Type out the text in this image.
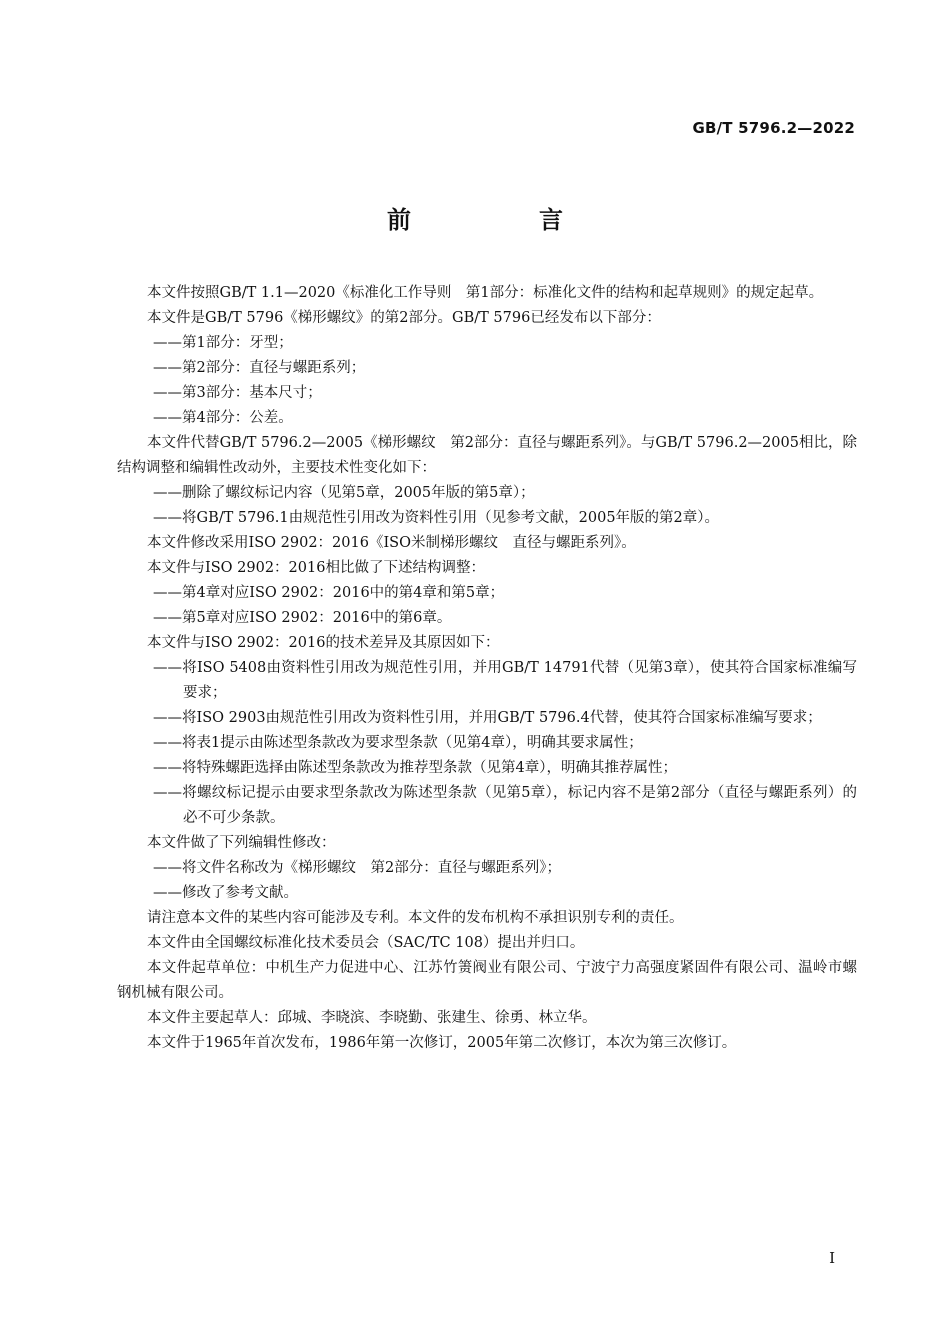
GB/T 5796.2—2022
前　言

本文件按照GB/T 1.1—2020《标准化工作导则　第1部分：标准化文件的结构和起草规则》的规定起草。

本文件是GB/T 5796《梯形螺纹》的第2部分。GB/T 5796已经发布以下部分：

——第1部分：牙型；

——第2部分：直径与螺距系列；

——第3部分：基本尺寸；

——第4部分：公差。

本文件代替GB/T 5796.2—2005《梯形螺纹　第2部分：直径与螺距系列》。与GB/T 5796.2—2005相比，除结构调整和编辑性改动外，主要技术性变化如下：

——删除了螺纹标记内容（见第5章，2005年版的第5章）；

——将GB/T 5796.1由规范性引用改为资料性引用（见参考文献，2005年版的第2章）。

本文件修改采用ISO 2902：2016《ISO米制梯形螺纹　直径与螺距系列》。

本文件与ISO 2902：2016相比做了下述结构调整：

——第4章对应ISO 2902：2016中的第4章和第5章；

——第5章对应ISO 2902：2016中的第6章。

本文件与ISO 2902：2016的技术差异及其原因如下：

——将ISO 5408由资料性引用改为规范性引用，并用GB/T 14791代替（见第3章），使其符合国家标准编写要求；

——将ISO 2903由规范性引用改为资料性引用，并用GB/T 5796.4代替，使其符合国家标准编写要求；

——将表1提示由陈述型条款改为要求型条款（见第4章），明确其要求属性；

——将特殊螺距选择由陈述型条款改为推荐型条款（见第4章），明确其推荐属性；

——将螺纹标记提示由要求型条款改为陈述型条款（见第5章），标记内容不是第2部分（直径与螺距系列）的必不可少条款。

本文件做了下列编辑性修改：

——将文件名称改为《梯形螺纹　第2部分：直径与螺距系列》；

——修改了参考文献。

请注意本文件的某些内容可能涉及专利。本文件的发布机构不承担识别专利的责任。

本文件由全国螺纹标准化技术委员会（SAC/TC 108）提出并归口。

本文件起草单位：中机生产力促进中心、江苏竹箦阀业有限公司、宁波宁力高强度紧固件有限公司、温岭市螺钢机械有限公司。

本文件主要起草人：邱城、李晓滨、李晓勤、张建生、徐勇、林立华。

本文件于1965年首次发布，1986年第一次修订，2005年第二次修订，本次为第三次修订。

I
